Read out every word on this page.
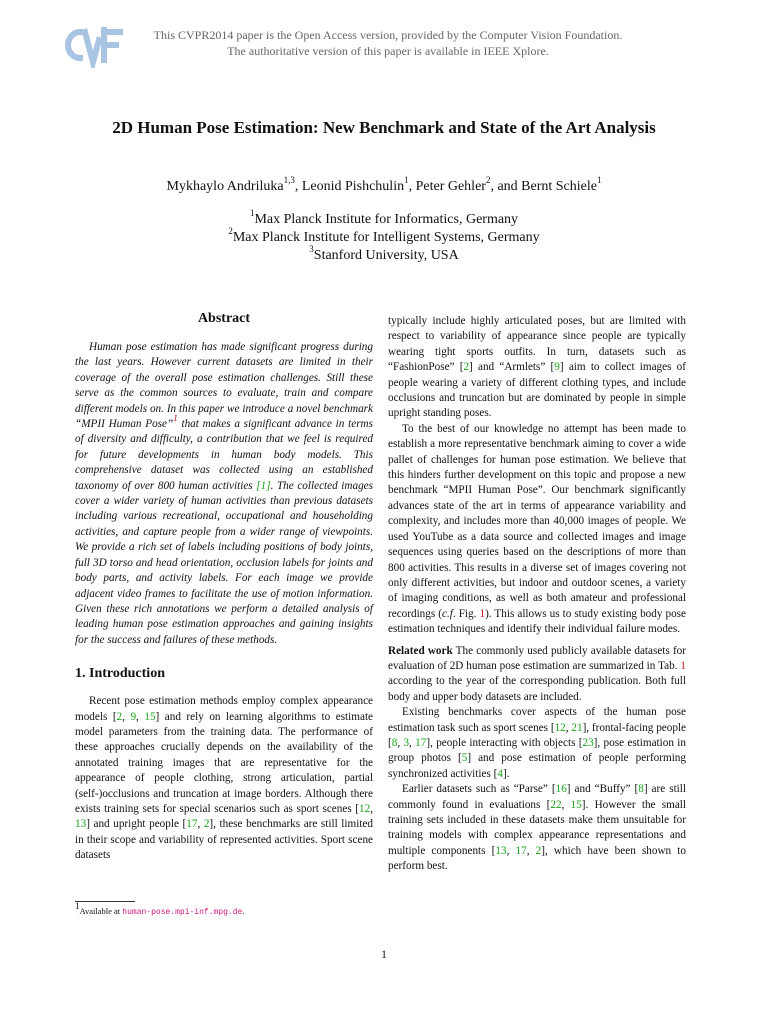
This CVPR2014 paper is the Open Access version, provided by the Computer Vision Foundation.
The authoritative version of this paper is available in IEEE Xplore.
2D Human Pose Estimation: New Benchmark and State of the Art Analysis
Mykhaylo Andriluka$^{1,3}$, Leonid Pishchulin$^1$, Peter Gehler$^2$, and Bernt Schiele$^1$
$^1$Max Planck Institute for Informatics, Germany
$^2$Max Planck Institute for Intelligent Systems, Germany
$^3$Stanford University, USA
Abstract

Human pose estimation has made significant progress during the last years. However current datasets are limited in their coverage of the overall pose estimation challenges. Still these serve as the common sources to evaluate, train and compare different models on. In this paper we introduce a novel benchmark “MPII Human Pose”$^1$ that makes a significant advance in terms of diversity and difficulty, a contribution that we feel is required for future developments in human body models. This comprehensive dataset was collected using an established taxonomy of over 800 human activities [1]. The collected images cover a wider variety of human activities than previous datasets including various recreational, occupational and householding activities, and capture people from a wider range of viewpoints. We provide a rich set of labels including positions of body joints, full 3D torso and head orientation, occlusion labels for joints and body parts, and activity labels. For each image we provide adjacent video frames to facilitate the use of motion information. Given these rich annotations we perform a detailed analysis of leading human pose estimation approaches and gaining insights for the success and failures of these methods.

1. Introduction

Recent pose estimation methods employ complex appearance models [2, 9, 15] and rely on learning algorithms to estimate model parameters from the training data. The performance of these approaches crucially depends on the availability of the annotated training images that are representative for the appearance of people clothing, strong articulation, partial (self-)occlusions and truncation at image borders. Although there exists training sets for special scenarios such as sport scenes [12, 13] and upright people [17, 2], these benchmarks are still limited in their scope and variability of represented activities. Sport scene datasets

$^1$Available at human-pose.mpi-inf.mpg.de.

typically include highly articulated poses, but are limited with respect to variability of appearance since people are typically wearing tight sports outfits. In turn, datasets such as “FashionPose” [2] and “Armlets” [9] aim to collect images of people wearing a variety of different clothing types, and include occlusions and truncation but are dominated by people in simple upright standing poses.

To the best of our knowledge no attempt has been made to establish a more representative benchmark aiming to cover a wide pallet of challenges for human pose estimation. We believe that this hinders further development on this topic and propose a new benchmark “MPII Human Pose”. Our benchmark significantly advances state of the art in terms of appearance variability and complexity, and includes more than 40,000 images of people. We used YouTube as a data source and collected images and image sequences using queries based on the descriptions of more than 800 activities. This results in a diverse set of images covering not only different activities, but indoor and outdoor scenes, a variety of imaging conditions, as well as both amateur and professional recordings (c.f. Fig. 1). This allows us to study existing body pose estimation techniques and identify their individual failure modes.

Related work The commonly used publicly available datasets for evaluation of 2D human pose estimation are summarized in Tab. 1 according to the year of the corresponding publication. Both full body and upper body datasets are included.

Existing benchmarks cover aspects of the human pose estimation task such as sport scenes [12, 21], frontal-facing people [8, 3, 17], people interacting with objects [23], pose estimation in group photos [5] and pose estimation of people performing synchronized activities [4].

Earlier datasets such as “Parse” [16] and “Buffy” [8] are still commonly found in evaluations [22, 15]. However the small training sets included in these datasets make them unsuitable for training models with complex appearance representations and multiple components [13, 17, 2], which have been shown to perform best.

1
